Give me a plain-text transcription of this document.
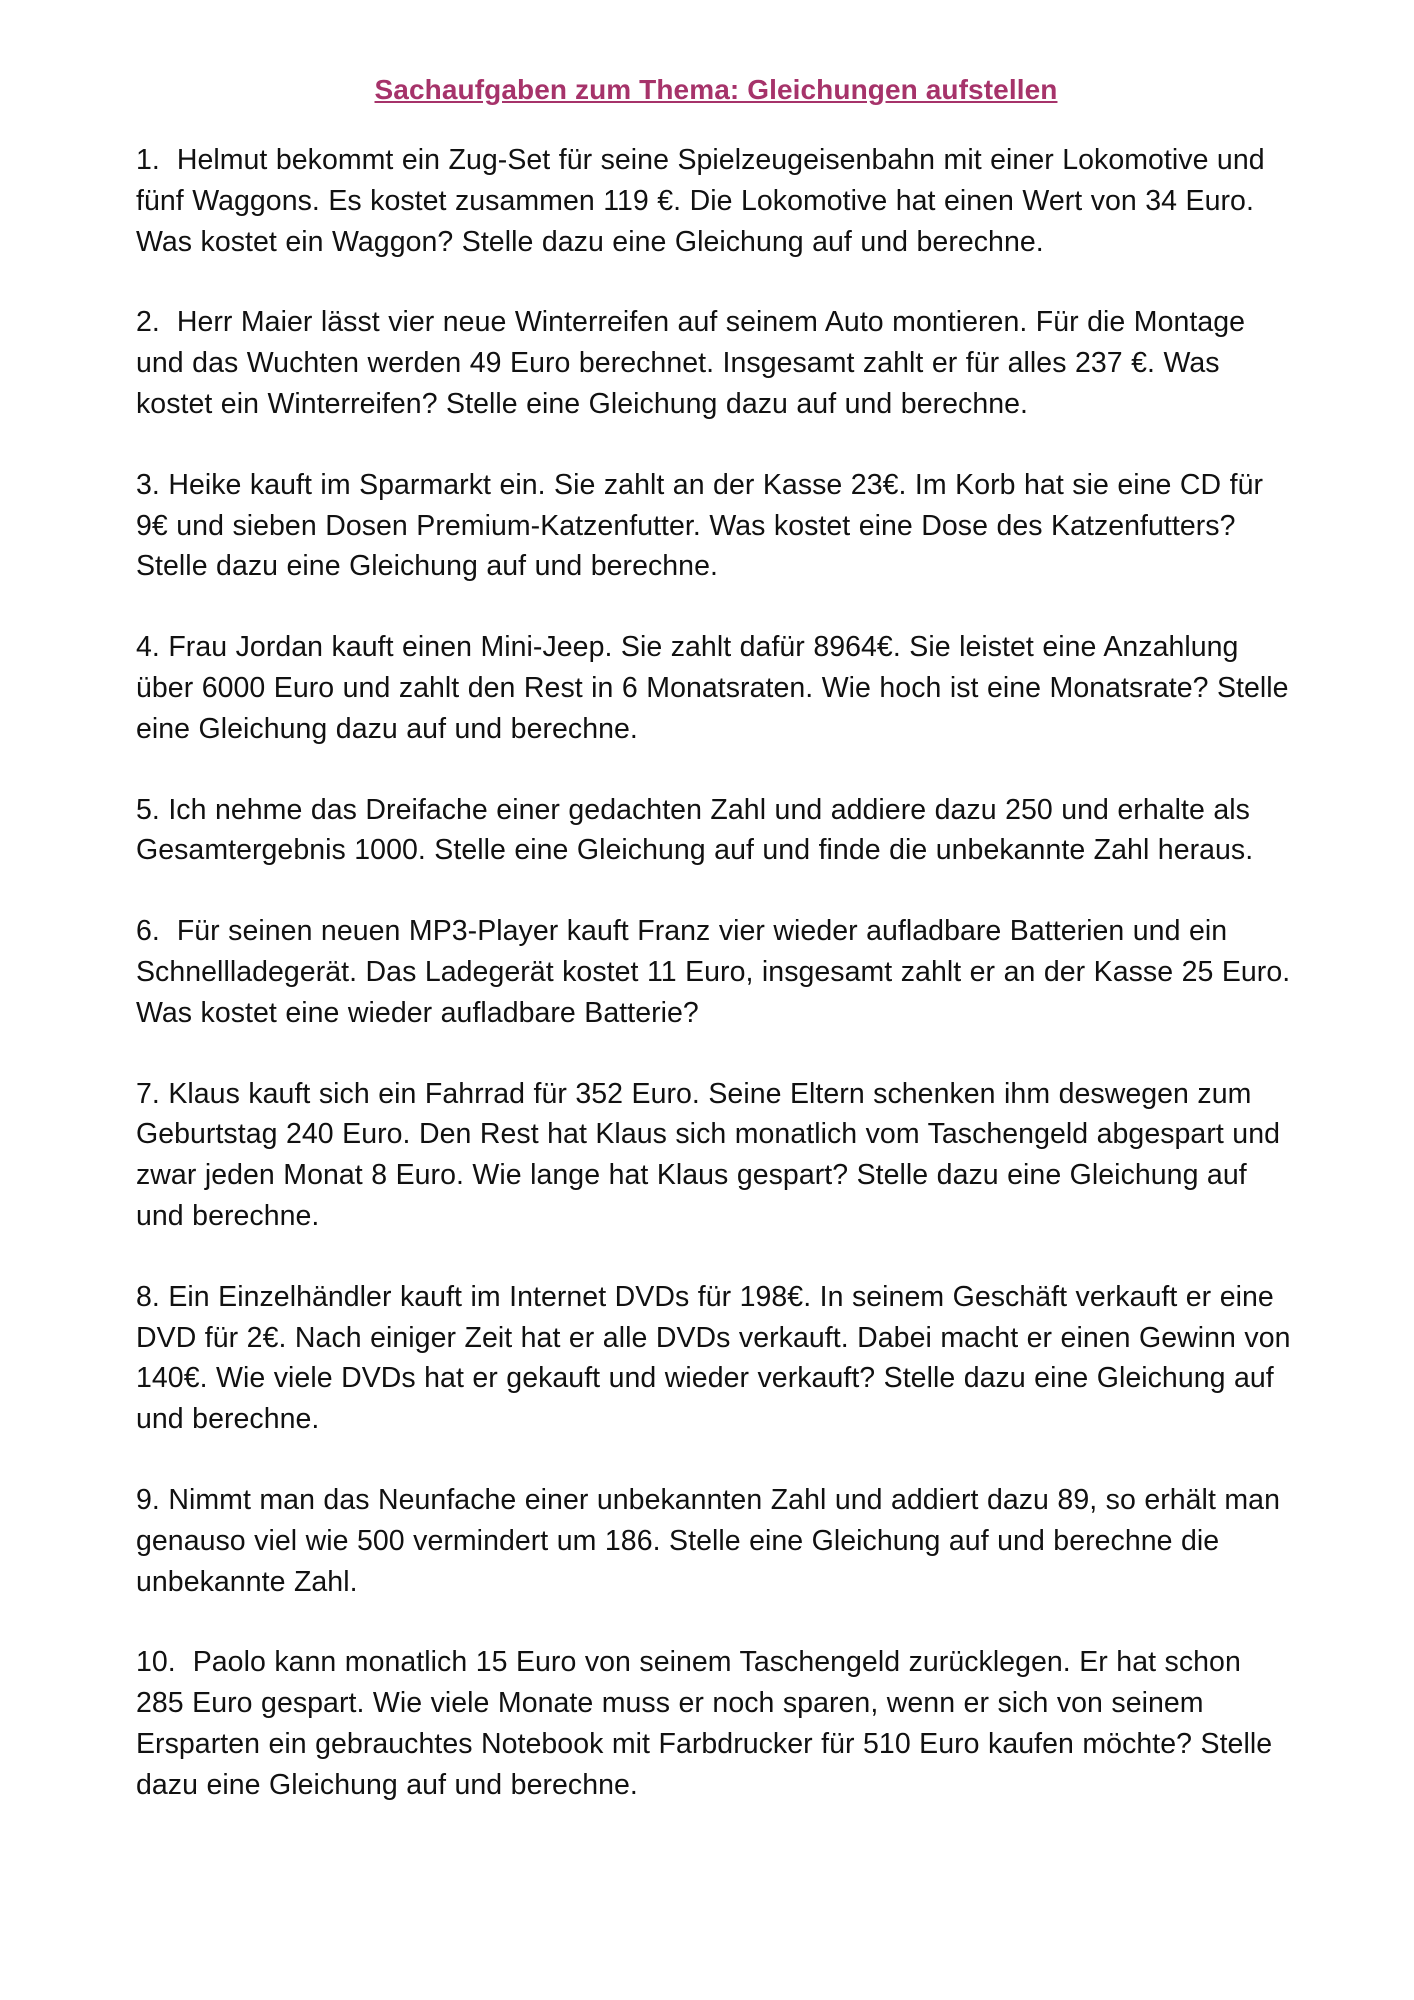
Sachaufgaben zum Thema: Gleichungen aufstellen
1.  Helmut bekommt ein Zug-Set für seine Spielzeugeisenbahn mit einer Lokomotive und fünf Waggons. Es kostet zusammen 119 €. Die Lokomotive hat einen Wert von 34 Euro. Was kostet ein Waggon? Stelle dazu eine Gleichung auf und berechne.
2.  Herr Maier lässt vier neue Winterreifen auf seinem Auto montieren. Für die Montage und das Wuchten werden 49 Euro berechnet. Insgesamt zahlt er für alles 237 €. Was kostet ein Winterreifen? Stelle eine Gleichung dazu auf und berechne.
3. Heike kauft im Sparmarkt ein. Sie zahlt an der Kasse 23€. Im Korb hat sie eine CD für 9€ und sieben Dosen Premium-Katzenfutter. Was kostet eine Dose des Katzenfutters? Stelle dazu eine Gleichung auf und berechne.
4. Frau Jordan kauft einen Mini-Jeep. Sie zahlt dafür 8964€. Sie leistet eine Anzahlung über 6000 Euro und zahlt den Rest in 6 Monatsraten. Wie hoch ist eine Monatsrate? Stelle eine Gleichung dazu auf und berechne.
5. Ich nehme das Dreifache einer gedachten Zahl und addiere dazu 250 und erhalte als Gesamtergebnis 1000. Stelle eine Gleichung auf und finde die unbekannte Zahl heraus.
6.  Für seinen neuen MP3-Player kauft Franz vier wieder aufladbare Batterien und ein Schnellladegerät. Das Ladegerät kostet 11 Euro, insgesamt zahlt er an der Kasse 25 Euro. Was kostet eine wieder aufladbare Batterie?
7. Klaus kauft sich ein Fahrrad für 352 Euro. Seine Eltern schenken ihm deswegen zum Geburtstag 240 Euro. Den Rest hat Klaus sich monatlich vom Taschengeld abgespart und zwar jeden Monat 8 Euro. Wie lange hat Klaus gespart? Stelle dazu eine Gleichung auf und berechne.
8. Ein Einzelhändler kauft im Internet DVDs für 198€. In seinem Geschäft verkauft er eine DVD für 2€. Nach einiger Zeit hat er alle DVDs verkauft. Dabei macht er einen Gewinn von 140€. Wie viele DVDs hat er gekauft und wieder verkauft? Stelle dazu eine Gleichung auf und berechne.
9. Nimmt man das Neunfache einer unbekannten Zahl und addiert dazu 89, so erhält man genauso viel wie 500 vermindert um 186. Stelle eine Gleichung auf und berechne die unbekannte Zahl.
10.  Paolo kann monatlich 15 Euro von seinem Taschengeld zurücklegen. Er hat schon 285 Euro gespart. Wie viele Monate muss er noch sparen, wenn er sich von seinem Ersparten ein gebrauchtes Notebook mit Farbdrucker für 510 Euro kaufen möchte? Stelle dazu eine Gleichung auf und berechne.
